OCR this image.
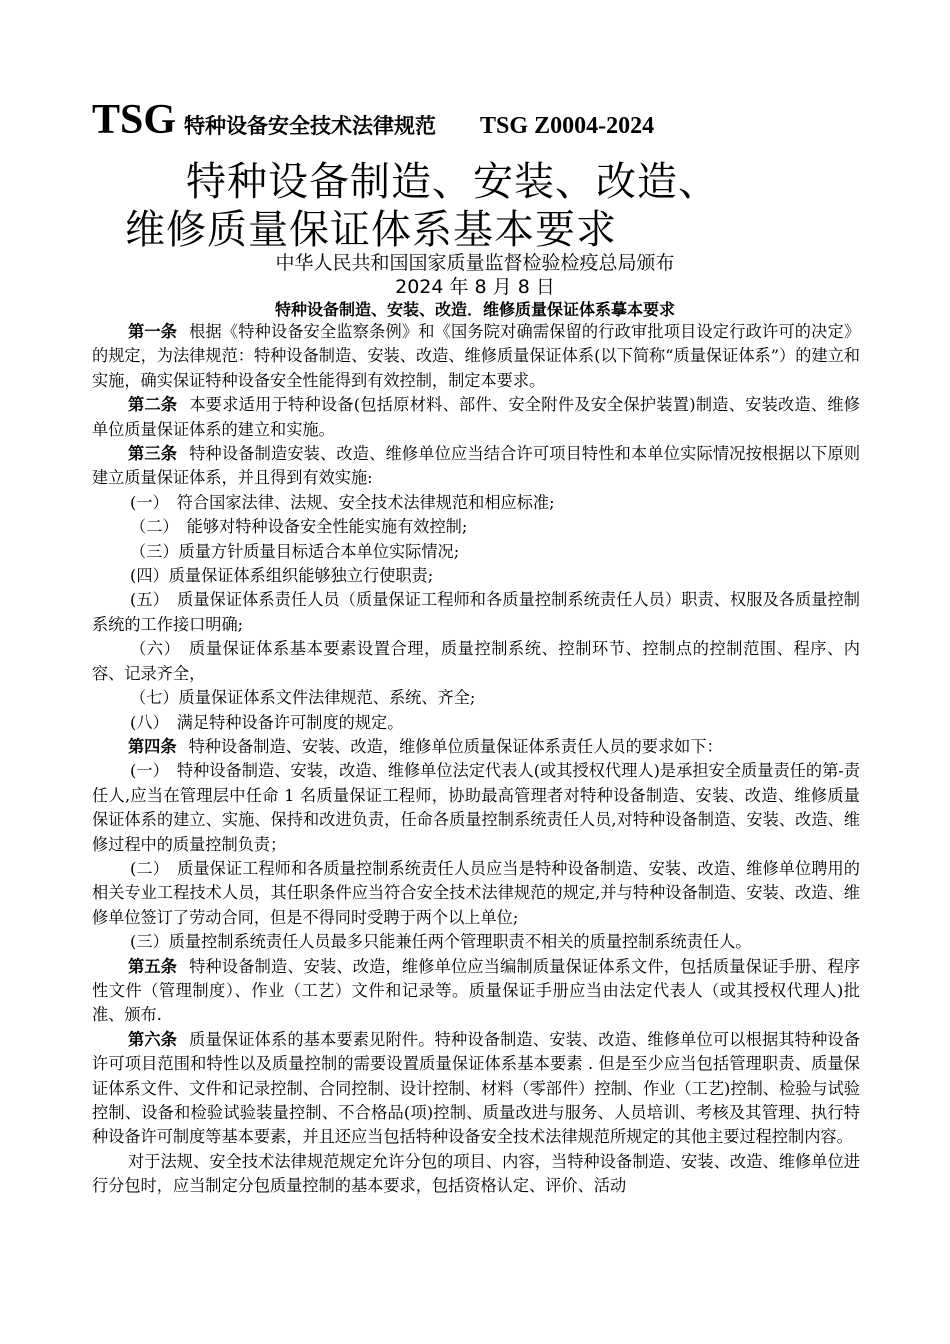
TSG 特种设备安全技术法律规范 TSG Z0004-2024
特种设备制造、安装、改造、
维修质量保证体系基本要求
中华人民共和国国家质量监督检验检疫总局颁布
2024 年 8 月 8 日
特种设备制造、安装、改造．维修质量保证体系摹本要求

第一条 根据《特种设备安全监察条例》和《国务院对确需保留的行政审批项目设定行政许可的决定》的规定，为法律规范：特种设备制造、安装、改造、维修质量保证体系(以下简称“质量保证体系”）的建立和实施，确实保证特种设备安全性能得到有效控制，制定本要求。

第二条 本要求适用于特种设备(包括原材料、部件、安全附件及安全保护装置)制造、安装改造、维修单位质量保证体系的建立和实施。

第三条 特种设备制造安装、改造、维修单位应当结合许可项目特性和本单位实际情况按根据以下原则建立质量保证体系，并且得到有效实施:

(一）　符合国家法律、法规、安全技术法律规范和相应标准;

（二）　能够对特种设备安全性能实施有效控制;

（三）质量方针质量目标适合本单位实际情况;

(四）质量保证体系组织能够独立行使职责;

(五）　质量保证体系责任人员（质量保证工程师和各质量控制系统责任人员）职责、权服及各质量控制系统的工作接口明确;

（六）　质量保证体系基本要素设置合理，质量控制系统、控制环节、控制点的控制范围、程序、内容、记录齐全，

（七）质量保证体系文件法律规范、系统、齐全;

(八）　满足特种设备许可制度的规定。

第四条 特种设备制造、安装、改造，维修单位质量保证体系责任人员的要求如下：

(一）　特种设备制造、安装，改造、维修单位法定代表人(或其授权代理人)是承担安全质量责任的第-责任人,应当在管理层中任命 1 名质量保证工程师，协助最高管理者对特种设备制造、安装、改造、维修质量保证体系的建立、实施、保持和改进负责，任命各质量控制系统责任人员,对特种设备制造、安装、改造、维修过程中的质量控制负责；

(二）　质量保证工程师和各质量控制系统责任人员应当是特种设备制造、安装、改造、维修单位聘用的相关专业工程技术人员，其任职条件应当符合安全技术法律规范的规定,并与特种设备制造、安装、改造、维修单位签订了劳动合同，但是不得同时受聘于两个以上单位;

(三）质量控制系统责任人员最多只能兼任两个管理职责不相关的质量控制系统责任人。

第五条 特种设备制造、安装、改造，维修单位应当编制质量保证体系文件，包括质量保证手册、程序性文件（管理制度）、作业（工艺）文件和记录等。质量保证手册应当由法定代表人（或其授权代理人)批准、颁布.

第六条 质量保证体系的基本要素见附件。特种设备制造、安装、改造、维修单位可以根据其特种设备许可项目范围和特性以及质量控制的需要设置质量保证体系基本要素 . 但是至少应当包括管理职责、质量保证体系文件、文件和记录控制、合同控制、设计控制、材料（零部件）控制、作业（工艺)控制、检验与试验控制、设备和检验试验装量控制、不合格品(项)控制、质量改进与服务、人员培训、考核及其管理、执行特种设备许可制度等基本要素，并且还应当包括特种设备安全技术法律规范所规定的其他主要过程控制内容。

对于法规、安全技术法律规范规定允许分包的项目、内容，当特种设备制造、安装、改造、维修单位进行分包时，应当制定分包质量控制的基本要求，包括资格认定、评价、活动
